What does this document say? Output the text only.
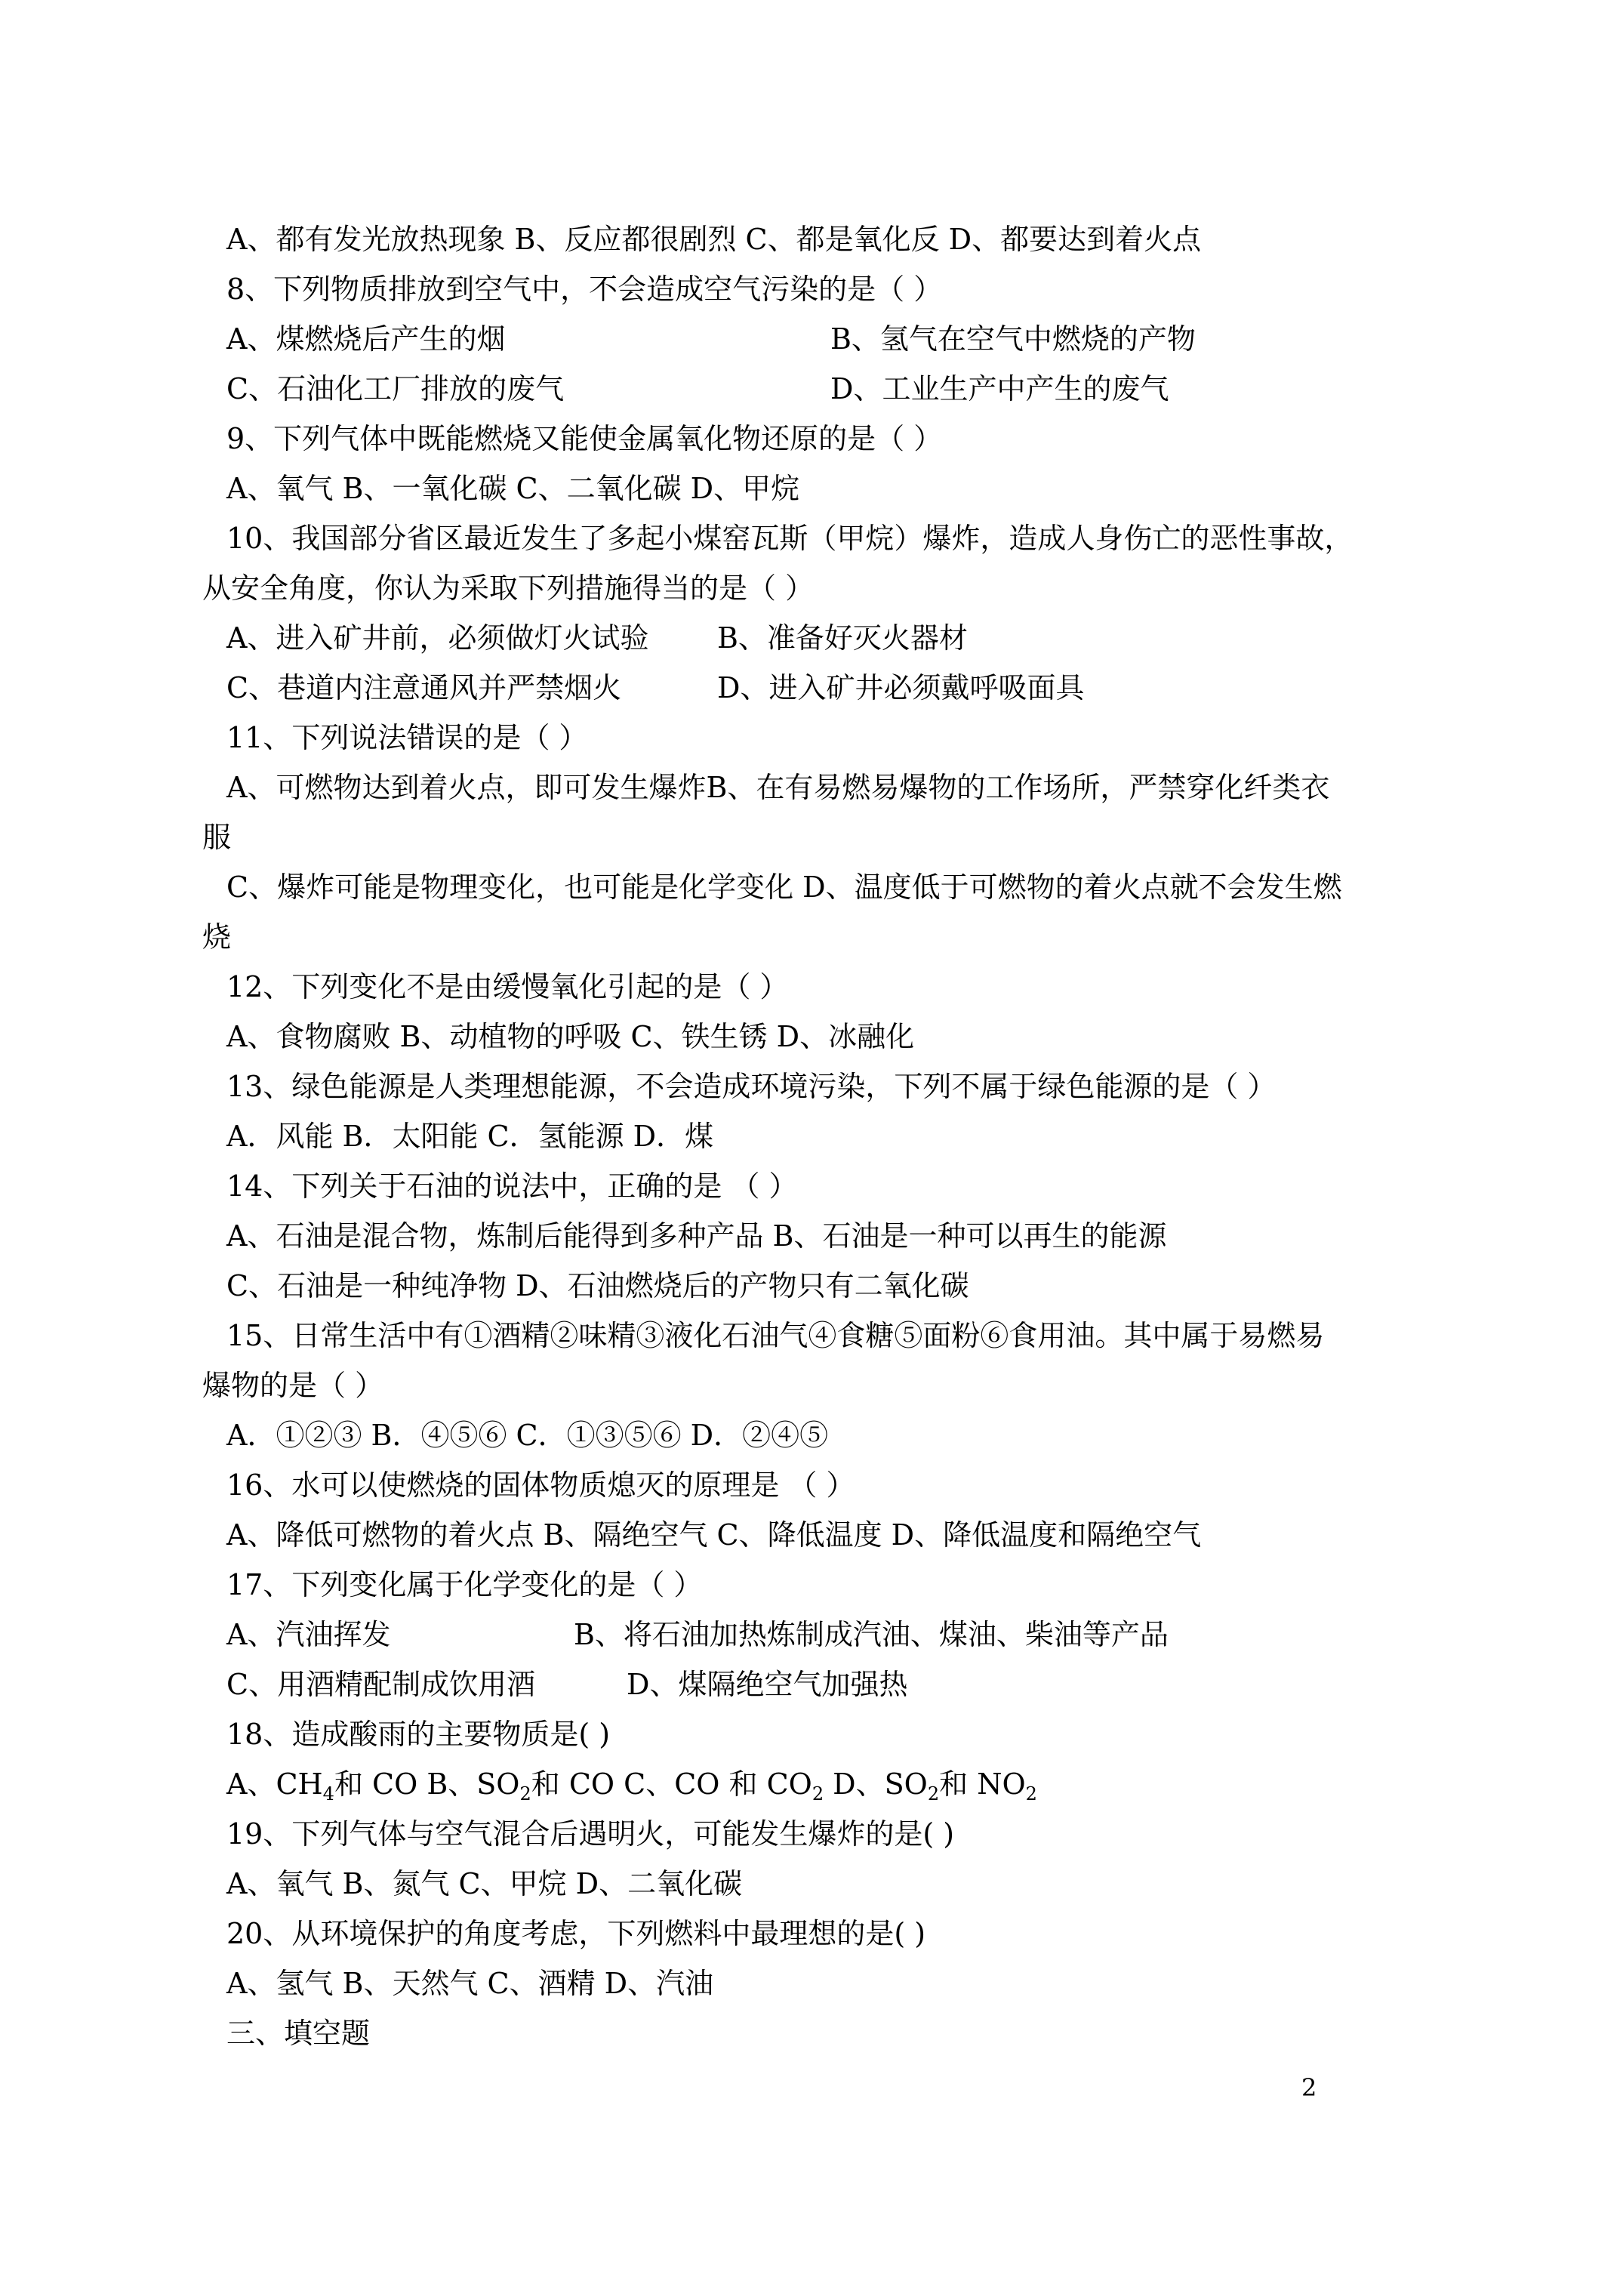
A、都有发光放热现象 B、反应都很剧烈 C、都是氧化反 D、都要达到着火点
8、下列物质排放到空气中，不会造成空气污染的是（ ）
A、煤燃烧后产生的烟	B、氢气在空气中燃烧的产物
C、石油化工厂排放的废气	D、工业生产中产生的废气
9、下列气体中既能燃烧又能使金属氧化物还原的是（ ）
A、氧气 B、一氧化碳 C、二氧化碳 D、甲烷
10、我国部分省区最近发生了多起小煤窑瓦斯（甲烷）爆炸，造成人身伤亡的恶性事故，
从安全角度，你认为采取下列措施得当的是（ ）
A、进入矿井前，必须做灯火试验 B、准备好灭火器材
C、巷道内注意通风并严禁烟火	D、进入矿井必须戴呼吸面具
11、下列说法错误的是（ ）
A、可燃物达到着火点，即可发生爆炸B、在有易燃易爆物的工作场所，严禁穿化纤类衣
服
C、爆炸可能是物理变化，也可能是化学变化 D、温度低于可燃物的着火点就不会发生燃
烧
12、下列变化不是由缓慢氧化引起的是（ ）
A、食物腐败 B、动植物的呼吸 C、铁生锈 D、冰融化
13、绿色能源是人类理想能源，不会造成环境污染，下列不属于绿色能源的是（ ）
A．风能 B．太阳能 C．氢能源 D．煤
14、下列关于石油的说法中，正确的是 （ ）
A、石油是混合物，炼制后能得到多种产品 B、石油是一种可以再生的能源
C、石油是一种纯净物 D、石油燃烧后的产物只有二氧化碳
15、日常生活中有①酒精②味精③液化石油气④食糖⑤面粉⑥食用油。其中属于易燃易
爆物的是（ ）
A．①②③ B．④⑤⑥ C．①③⑤⑥ D．②④⑤
16、水可以使燃烧的固体物质熄灭的原理是 （ ）
A、降低可燃物的着火点 B、隔绝空气 C、降低温度 D、降低温度和隔绝空气
17、下列变化属于化学变化的是（ ）
A、汽油挥发	B、将石油加热炼制成汽油、煤油、柴油等产品
C、用酒精配制成饮用酒	D、煤隔绝空气加强热
18、造成酸雨的主要物质是( )
A、$CH_4$和 CO B、$SO_2$和 CO C、CO 和 $CO_2$ D、$SO_2$和 $NO_2$
19、下列气体与空气混合后遇明火，可能发生爆炸的是( )
A、氧气 B、氮气 C、甲烷 D、二氧化碳
20、从环境保护的角度考虑，下列燃料中最理想的是( )
A、氢气 B、天然气 C、酒精 D、汽油
三、填空题
2
